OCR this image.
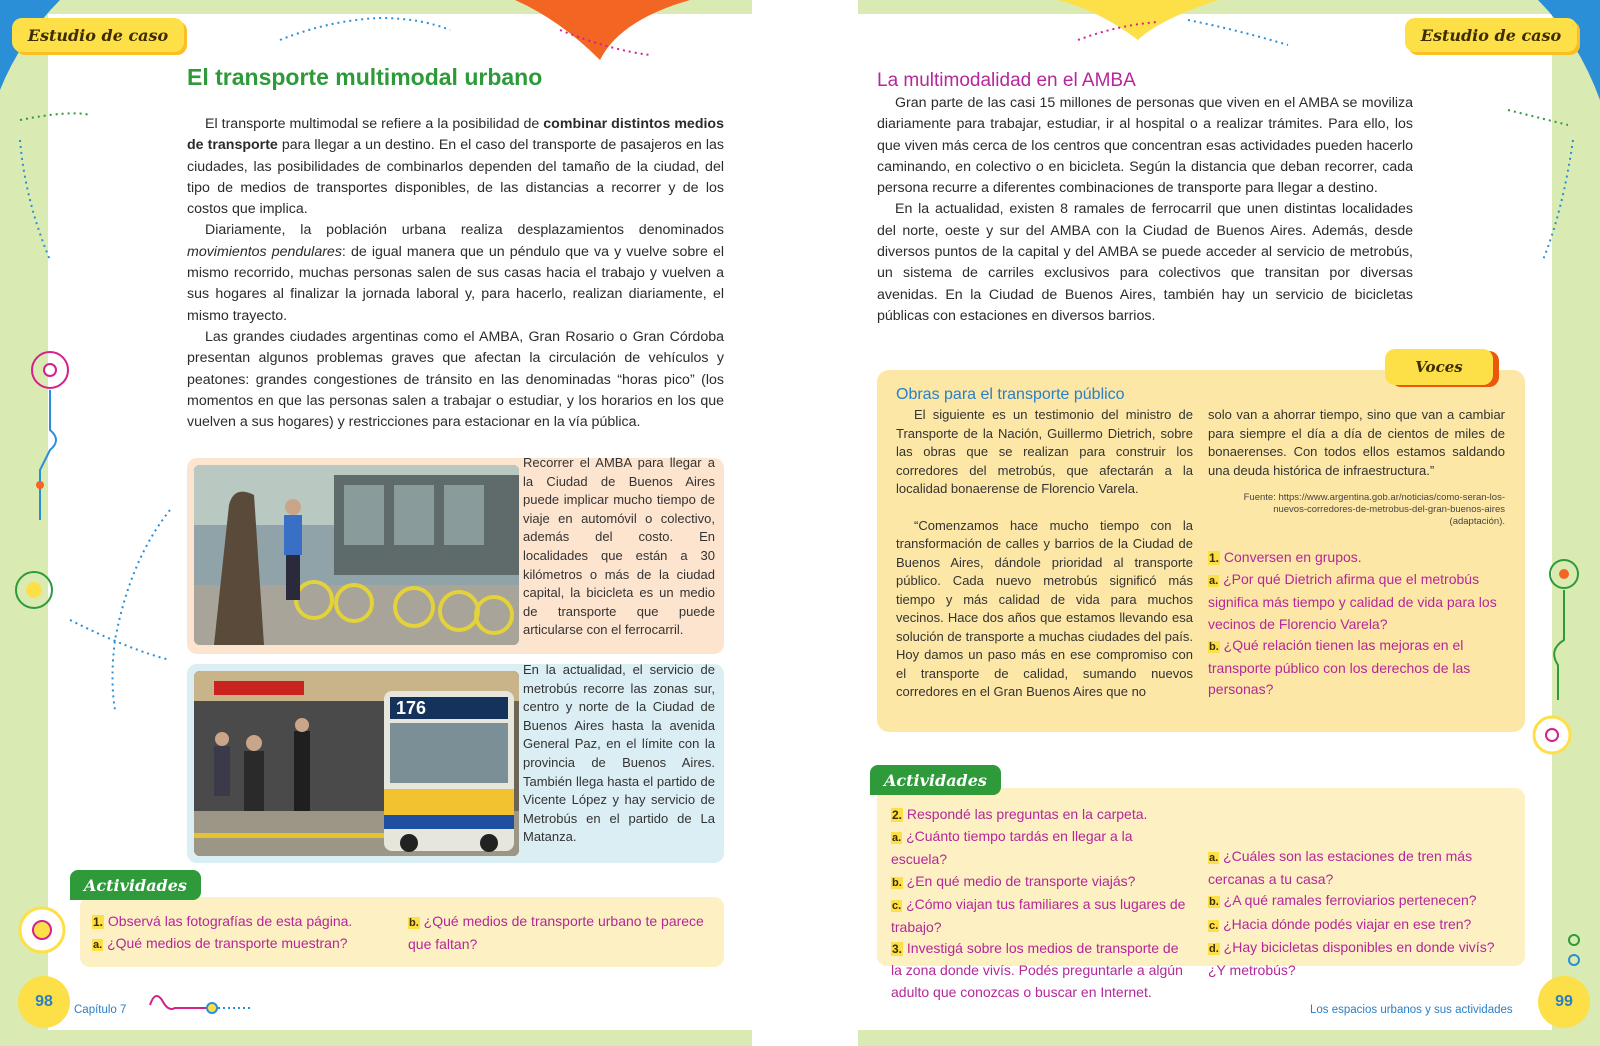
Estudio de caso
El transporte multimodal urbano

El transporte multimodal se refiere a la posibilidad de combinar distintos medios de transporte para llegar a un destino. En el caso del transporte de pasajeros en las ciudades, las posibilidades de combinarlos dependen del tamaño de la ciudad, del tipo de medios de transportes disponibles, de las distancias a recorrer y de los costos que implica.

Diariamente, la población urbana realiza desplazamientos denominados movimientos pendulares: de igual manera que un péndulo que va y vuelve sobre el mismo recorrido, muchas personas salen de sus casas hacia el trabajo y vuelven a sus hogares al finalizar la jornada laboral y, para hacerlo, realizan diariamente, el mismo trayecto.

Las grandes ciudades argentinas como el AMBA, Gran Rosario o Gran Córdoba presentan algunos problemas graves que afectan la circulación de vehículos y peatones: grandes congestiones de tránsito en las denominadas “horas pico” (los momentos en que las personas salen a trabajar o estudiar, y los horarios en los que vuelven a sus hogares) y restricciones para estacionar en la vía pública.

Recorrer el AMBA para llegar a la Ciudad de Buenos Aires puede implicar mucho tiempo de viaje en automóvil o colectivo, además del costo. En localidades que están a 30 kilómetros o más de la ciudad capital, la bicicleta es un medio de transporte que puede articularse con el ferrocarril.
176
En la actualidad, el servicio de metrobús recorre las zonas sur, centro y norte de la Ciudad de Buenos Aires hasta la avenida General Paz, en el límite con la provincia de Buenos Aires. También llega hasta el partido de Vicente López y hay servicio de Metrobús en el partido de La Matanza.
1. Observá las fotografías de esta página.
a. ¿Qué medios de transporte muestran?
b. ¿Qué medios de transporte urbano te parece que faltan?
Actividades
98	Capítulo 7
Estudio de caso
La multimodalidad en el AMBA

Gran parte de las casi 15 millones de personas que viven en el AMBA se moviliza diariamente para trabajar, estudiar, ir al hospital o a realizar trámites. Para ello, los que viven más cerca de los centros que concentran esas actividades pueden hacerlo caminando, en colectivo o en bicicleta. Según la distancia que deban recorrer, cada persona recurre a diferentes combinaciones de transporte para llegar a destino.

En la actualidad, existen 8 ramales de ferrocarril que unen distintas localidades del norte, oeste y sur del AMBA con la Ciudad de Buenos Aires. Además, desde diversos puntos de la capital y del AMBA se puede acceder al servicio de metrobús, un sistema de carriles exclusivos para colectivos que transitan por diversas avenidas. En la Ciudad de Buenos Aires, también hay un servicio de bicicletas públicas con estaciones en diversos barrios.

Obras para el transporte público
El siguiente es un testimonio del ministro de Transporte de la Nación, Guillermo Dietrich, sobre las obras que se realizan para construir los corredores del metrobús, que afectarán a la localidad bonaerense de Florencio Varela.
“Comenzamos hace mucho tiempo con la transformación de calles y barrios de la Ciudad de Buenos Aires, dándole prioridad al transporte público. Cada nuevo metrobús significó más tiempo y más calidad de vida para muchos vecinos. Hace dos años que estamos llevando esa solución de transporte a muchas ciudades del país. Hoy damos un paso más en ese compromiso con el transporte de calidad, sumando nuevos corredores en el Gran Buenos Aires que no
solo van a ahorrar tiempo, sino que van a cambiar para siempre el día a día de cientos de miles de bonaerenses. Con todos ellos estamos saldando una deuda histórica de infraestructura.”
Fuente: https://www.argentina.gob.ar/noticias/como-seran-los-nuevos-corredores-de-metrobus-del-gran-buenos-aires (adaptación).
1. Conversen en grupos.
a. ¿Por qué Dietrich afirma que el metrobús significa más tiempo y calidad de vida para los vecinos de Florencio Varela?
b. ¿Qué relación tienen las mejoras en el transporte público con los derechos de las personas?
Voces
2. Respondé las preguntas en la carpeta.
a. ¿Cuánto tiempo tardás en llegar a la escuela?
b. ¿En qué medio de transporte viajás?
c. ¿Cómo viajan tus familiares a sus lugares de trabajo?
3. Investigá sobre los medios de transporte de la zona donde vivís. Podés preguntarle a algún adulto que conozcas o buscar en Internet.
a. ¿Cuáles son las estaciones de tren más cercanas a tu casa?
b. ¿A qué ramales ferroviarios pertenecen?
c. ¿Hacia dónde podés viajar en ese tren?
d. ¿Hay bicicletas disponibles en donde vivís? ¿Y metrobús?
Actividades
Los espacios urbanos y sus actividades	99
